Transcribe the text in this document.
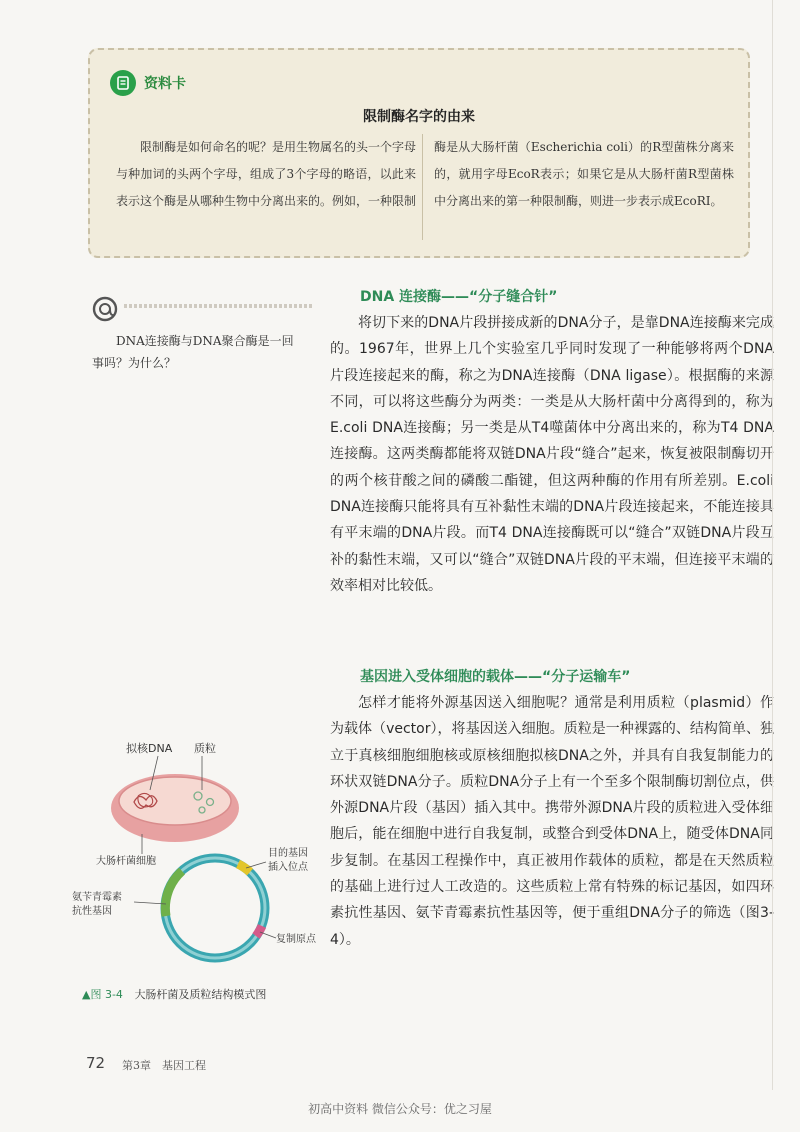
资料卡
限制酶名字的由来
限制酶是如何命名的呢？是用生物属名的头一个字母与种加词的头两个字母，组成了3个字母的略语，以此来表示这个酶是从哪种生物中分离出来的。例如，一种限制
酶是从大肠杆菌（Escherichia coli）的R型菌株分离来的，就用字母EcoR表示；如果它是从大肠杆菌R型菌株中分离出来的第一种限制酶，则进一步表示成EcoRⅠ。
DNA连接酶与DNA聚合酶是一回事吗？为什么？
DNA 连接酶——“分子缝合针”
将切下来的DNA片段拼接成新的DNA分子，是靠DNA连接酶来完成的。1967年，世界上几个实验室几乎同时发现了一种能够将两个DNA片段连接起来的酶，称之为DNA连接酶（DNA ligase）。根据酶的来源不同，可以将这些酶分为两类：一类是从大肠杆菌中分离得到的，称为E.coli DNA连接酶；另一类是从T4噬菌体中分离出来的，称为T4 DNA连接酶。这两类酶都能将双链DNA片段“缝合”起来，恢复被限制酶切开的两个核苷酸之间的磷酸二酯键，但这两种酶的作用有所差别。E.coli DNA连接酶只能将具有互补黏性末端的DNA片段连接起来，不能连接具有平末端的DNA片段。而T4 DNA连接酶既可以“缝合”双链DNA片段互补的黏性末端，又可以“缝合”双链DNA片段的平末端，但连接平末端的效率相对比较低。
基因进入受体细胞的载体——“分子运输车”
怎样才能将外源基因送入细胞呢？通常是利用质粒（plasmid）作为载体（vector），将基因送入细胞。质粒是一种裸露的、结构简单、独立于真核细胞细胞核或原核细胞拟核DNA之外，并具有自我复制能力的环状双链DNA分子。质粒DNA分子上有一个至多个限制酶切割位点，供外源DNA片段（基因）插入其中。携带外源DNA片段的质粒进入受体细胞后，能在细胞中进行自我复制，或整合到受体DNA上，随受体DNA同步复制。在基因工程操作中，真正被用作载体的质粒，都是在天然质粒的基础上进行过人工改造的。这些质粒上常有特殊的标记基因，如四环素抗性基因、氨苄青霉素抗性基因等，便于重组DNA分子的筛选（图3-4）。
拟核DNA 质粒
大肠杆菌细胞
目的基因
插入位点
氨苄青霉素
抗性基因
复制原点
▲图 3-4 大肠杆菌及质粒结构模式图
72 第3章　基因工程
初高中资料 微信公众号：优之习屋
